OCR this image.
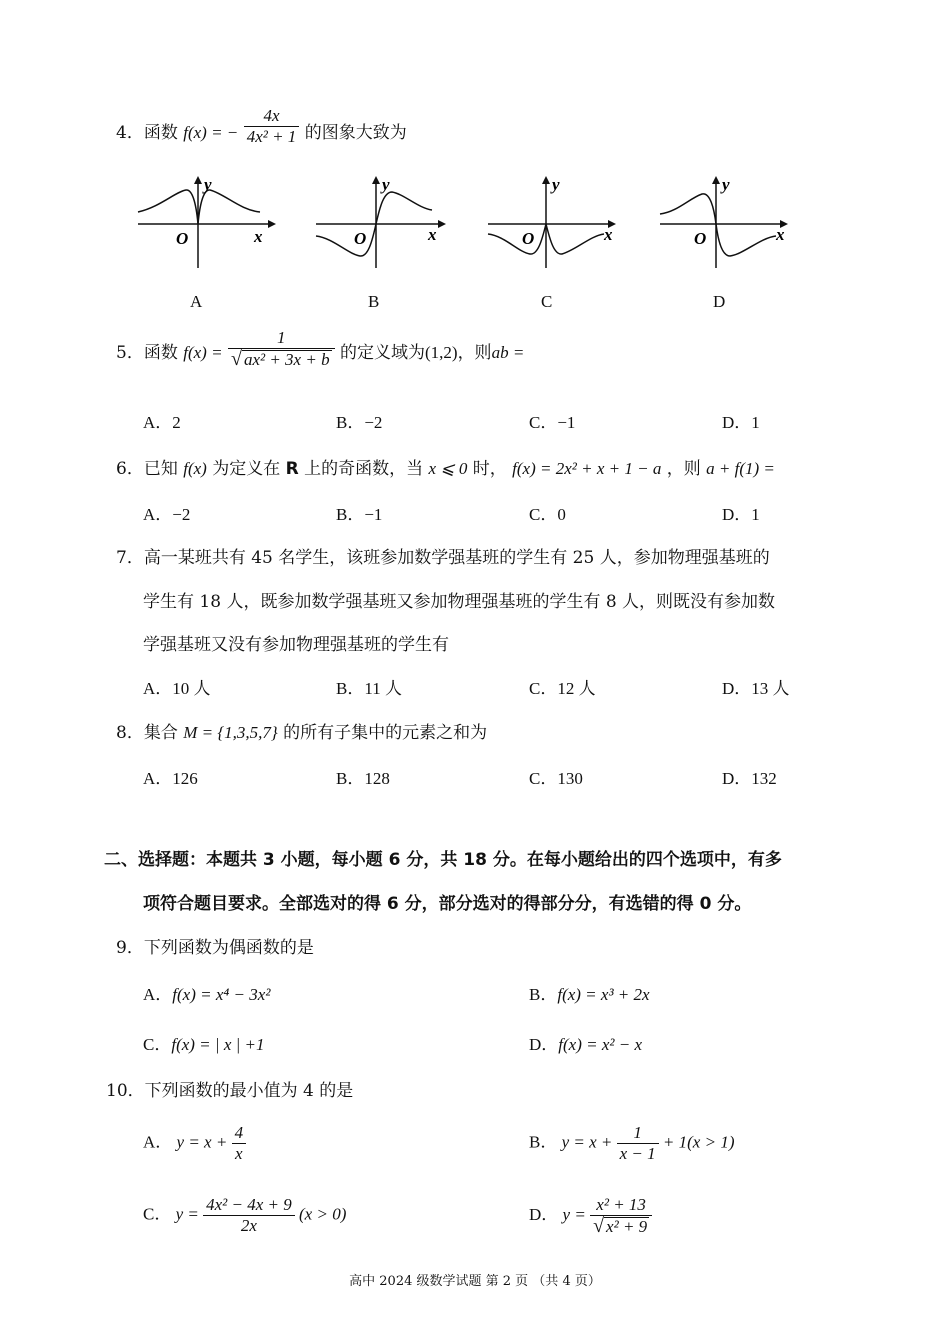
4．函数 f(x) = − $\frac{4x}{\text{4x² + 1}}$ 的图象大致为
O	x
y
A
O	x
y
B
O	x
y
C
O	x
y
D
5．函数 $f(x) = \frac{1}{\text{√ ax² + 3x + b}}$ 的定义域为(1,2)，则ab =
A．2	B．−2	C．−1	D．1
6．已知 f(x) 为定义在 R 上的奇函数，当 x ⩽ 0 时， f(x) = 2x² + x + 1 − a ，则 a + f(1) =
A．−2	B．−1	C．0	D．1
7．高一某班共有 45 名学生，该班参加数学强基班的学生有 25 人，参加物理强基班的
学生有 18 人，既参加数学强基班又参加物理强基班的学生有 8 人，则既没有参加数
学强基班又没有参加物理强基班的学生有
A．10 人	B．11 人	C．12 人	D．13 人
8．集合 M = {1,3,5,7} 的所有子集中的元素之和为
A．126	B．128	C．130	D．132
二、选择题：本题共 3 小题，每小题 6 分，共 18 分。在每小题给出的四个选项中，有多
项符合题目要求。全部选对的得 6 分，部分选对的得部分分，有选错的得 0 分。
9．下列函数为偶函数的是
A．f(x) = x⁴ − 3x²	B．f(x) = x³ + 2x
C．f(x) = | x | +1	D．f(x) = x² − x
10．下列函数的最小值为 4 的是
A． $y = x + \frac{4}{x}$	B． $y = x + \frac{1}{x - 1} + 1(x > 1)$
C． $y = \frac{\text{4x² − 4x + 9}}{2x} (x > 0)$	D． $y = \frac{\text{x² + 13}}{\text{√ x² + 9}}$
高中 2024 级数学试题 第 2 页 （共 4 页）
